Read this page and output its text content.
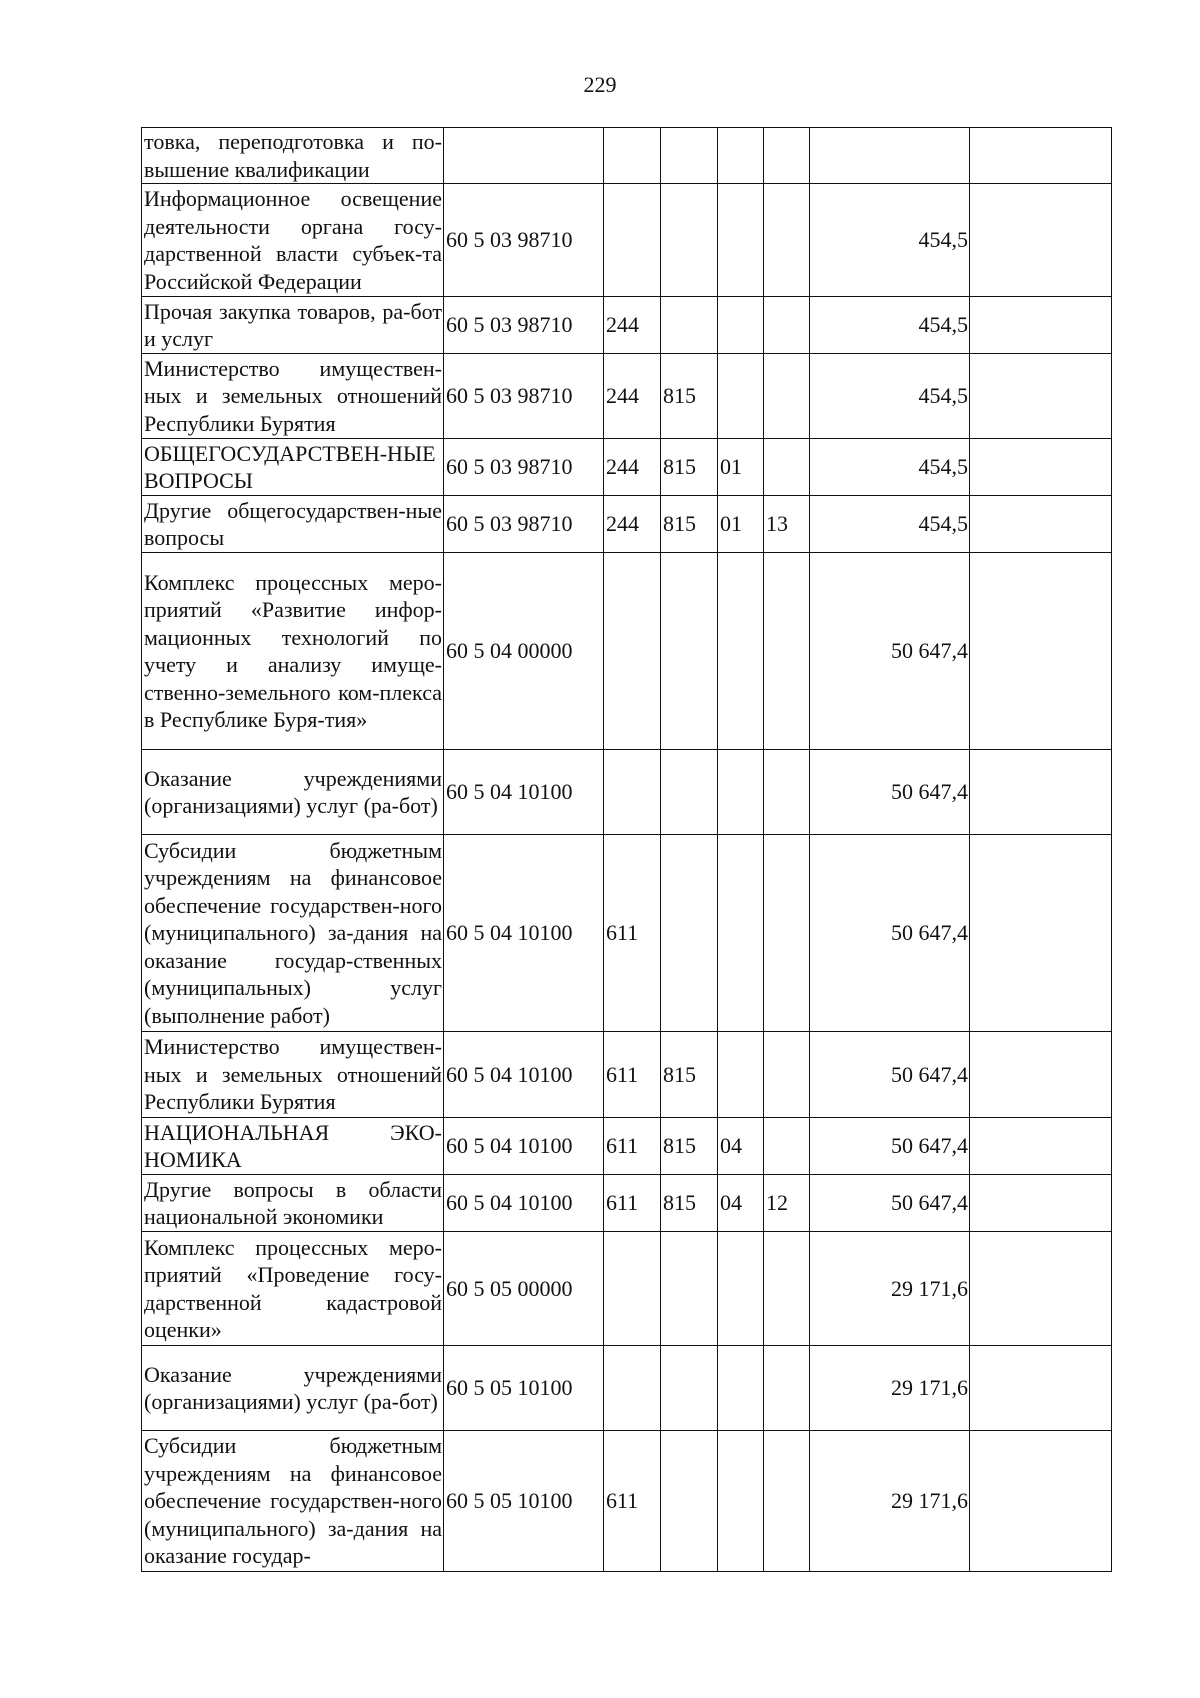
229
товка, переподготовка и по-вышение квалификации							
Информационное освещение деятельности органа госу-дарственной власти субъек-та Российской Федерации	60 5 03 98710					454,5	
Прочая закупка товаров, ра-бот и услуг	60 5 03 98710	244				454,5	
Министерство имуществен-ных и земельных отношений Республики Бурятия	60 5 03 98710	244	815			454,5	
ОБЩЕГОСУДАРСТВЕН-НЫЕ ВОПРОСЫ	60 5 03 98710	244	815	01		454,5	
Другие общегосударствен-ные вопросы	60 5 03 98710	244	815	01	13	454,5	
Комплекс процессных меро-приятий «Развитие инфор-мационных технологий по учету и анализу имуще-ственно-земельного ком-плекса в Республике Буря-тия»	60 5 04 00000					50 647,4	
Оказание учреждениями (организациями) услуг (ра-бот)	60 5 04 10100					50 647,4	
Субсидии бюджетным учреждениям на финансовое обеспечение государствен-ного (муниципального) за-дания на оказание государ-ственных (муниципальных) услуг (выполнение работ)	60 5 04 10100	611				50 647,4	
Министерство имуществен-ных и земельных отношений Республики Бурятия	60 5 04 10100	611	815			50 647,4	
НАЦИОНАЛЬНАЯ ЭКО-НОМИКА	60 5 04 10100	611	815	04		50 647,4	
Другие вопросы в области национальной экономики	60 5 04 10100	611	815	04	12	50 647,4	
Комплекс процессных меро-приятий «Проведение госу-дарственной кадастровой оценки»	60 5 05 00000					29 171,6	
Оказание учреждениями (организациями) услуг (ра-бот)	60 5 05 10100					29 171,6	
Субсидии бюджетным учреждениям на финансовое обеспечение государствен-ного (муниципального) за-дания на оказание государ-	60 5 05 10100	611				29 171,6	
